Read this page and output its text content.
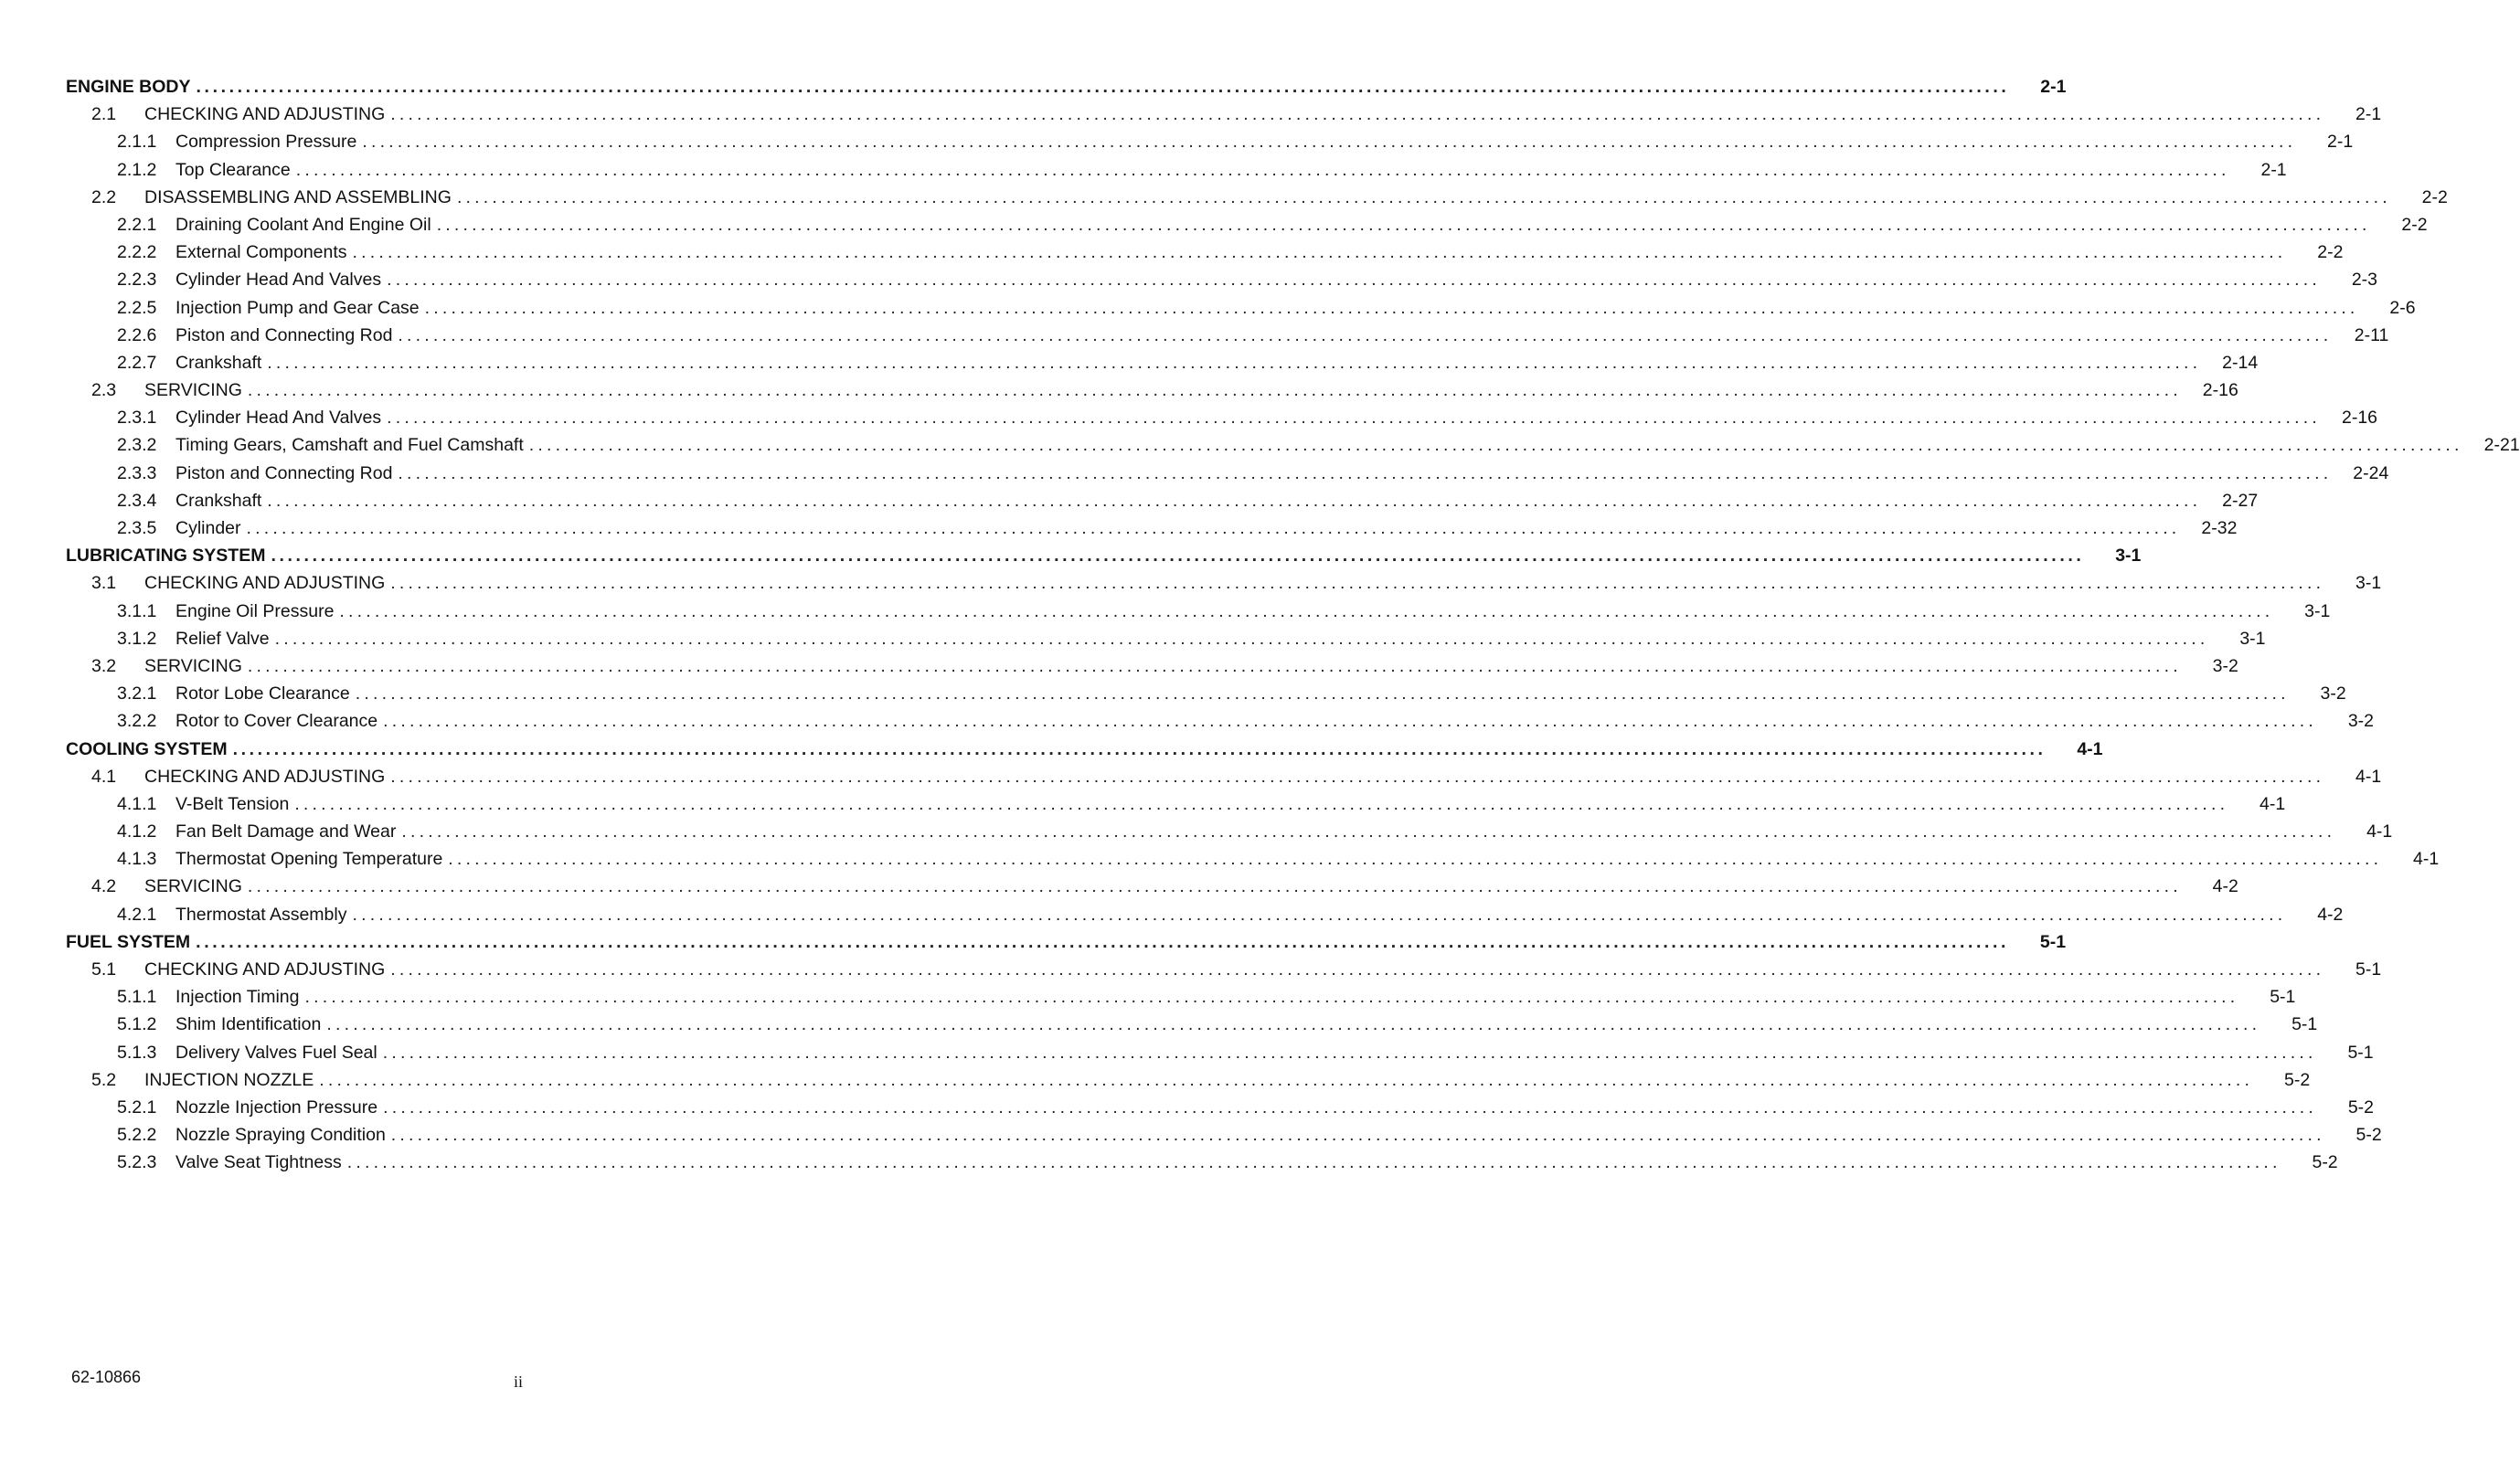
ENGINE BODY ............................................................................................................................................................................................................................	2-1
2.1	CHECKING AND ADJUSTING ............................................................................................................................................................................................................................	2-1
2.1.1	Compression Pressure ............................................................................................................................................................................................................................	2-1
2.1.2	Top Clearance ............................................................................................................................................................................................................................	2-1
2.2	DISASSEMBLING AND ASSEMBLING ............................................................................................................................................................................................................................	2-2
2.2.1	Draining Coolant And Engine Oil ............................................................................................................................................................................................................................	2-2
2.2.2	External Components ............................................................................................................................................................................................................................	2-2
2.2.3	Cylinder Head And Valves ............................................................................................................................................................................................................................	2-3
2.2.5	Injection Pump and Gear Case ............................................................................................................................................................................................................................	2-6
2.2.6	Piston and Connecting Rod ............................................................................................................................................................................................................................	2-11
2.2.7	Crankshaft ............................................................................................................................................................................................................................	2-14
2.3	SERVICING ............................................................................................................................................................................................................................	2-16
2.3.1	Cylinder Head And Valves ............................................................................................................................................................................................................................	2-16
2.3.2	Timing Gears, Camshaft and Fuel Camshaft ............................................................................................................................................................................................................................	2-21
2.3.3	Piston and Connecting Rod ............................................................................................................................................................................................................................	2-24
2.3.4	Crankshaft ............................................................................................................................................................................................................................	2-27
2.3.5	Cylinder ............................................................................................................................................................................................................................	2-32
LUBRICATING SYSTEM ............................................................................................................................................................................................................................	3-1
3.1	CHECKING AND ADJUSTING ............................................................................................................................................................................................................................	3-1
3.1.1	Engine Oil Pressure ............................................................................................................................................................................................................................	3-1
3.1.2	Relief Valve ............................................................................................................................................................................................................................	3-1
3.2	SERVICING ............................................................................................................................................................................................................................	3-2
3.2.1	Rotor Lobe Clearance ............................................................................................................................................................................................................................	3-2
3.2.2	Rotor to Cover Clearance ............................................................................................................................................................................................................................	3-2
COOLING SYSTEM ............................................................................................................................................................................................................................	4-1
4.1	CHECKING AND ADJUSTING ............................................................................................................................................................................................................................	4-1
4.1.1	V-Belt Tension ............................................................................................................................................................................................................................	4-1
4.1.2	Fan Belt Damage and Wear ............................................................................................................................................................................................................................	4-1
4.1.3	Thermostat Opening Temperature ............................................................................................................................................................................................................................	4-1
4.2	SERVICING ............................................................................................................................................................................................................................	4-2
4.2.1	Thermostat Assembly ............................................................................................................................................................................................................................	4-2
FUEL SYSTEM ............................................................................................................................................................................................................................	5-1
5.1	CHECKING AND ADJUSTING ............................................................................................................................................................................................................................	5-1
5.1.1	Injection Timing ............................................................................................................................................................................................................................	5-1
5.1.2	Shim Identification ............................................................................................................................................................................................................................	5-1
5.1.3	Delivery Valves Fuel Seal ............................................................................................................................................................................................................................	5-1
5.2	INJECTION NOZZLE ............................................................................................................................................................................................................................	5-2
5.2.1	Nozzle Injection Pressure ............................................................................................................................................................................................................................	5-2
5.2.2	Nozzle Spraying Condition ............................................................................................................................................................................................................................	5-2
5.2.3	Valve Seat Tightness ............................................................................................................................................................................................................................	5-2
62-10866	ii
